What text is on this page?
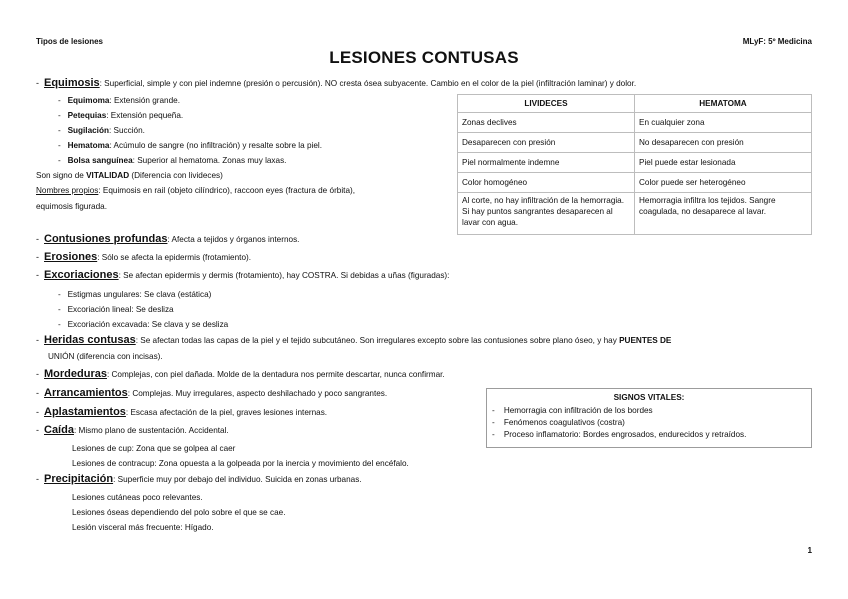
Tipos de lesiones	MLyF: 5º Medicina
LESIONES CONTUSAS
-  Equimosis: Superficial, simple y con piel indemne (presión o percusión). NO cresta ósea subyacente. Cambio en el color de la piel (infiltración laminar) y dolor.
-   Equimoma: Extensión grande.
-   Petequias: Extensión pequeña.
-   Sugilación: Succión.
-   Hematoma: Acúmulo de sangre (no infiltración) y resalte sobre la piel.
-   Bolsa sanguínea: Superior al hematoma. Zonas muy laxas.
Son signo de VITALIDAD (Diferencia con livideces)
Nombres propios: Equimosis en rail (objeto cilíndrico), raccoon eyes (fractura de órbita),
equimosis figurada.
LIVIDECES	HEMATOMA
Zonas declives	En cualquier zona
Desaparecen con presión	No desaparecen con presión
Piel normalmente indemne	Piel puede estar lesionada
Color homogéneo	Color puede ser heterogéneo
Al corte, no hay infiltración de la hemorragia. Si hay puntos sangrantes desaparecen al lavar con agua.	Hemorragia infiltra los tejidos. Sangre coagulada, no desaparece al lavar.
-  Contusiones profundas: Afecta a tejidos y órganos internos.
-  Erosiones: Sólo se afecta la epidermis (frotamiento).
-  Excoriaciones: Se afectan epidermis y dermis (frotamiento), hay COSTRA. Si debidas a uñas (figuradas):
-   Estigmas ungulares: Se clava (estática)
-   Excoriación lineal: Se desliza
-   Excoriación excavada: Se clava y se desliza
-  Heridas contusas: Se afectan todas las capas de la piel y el tejido subcutáneo. Son irregulares excepto sobre las contusiones sobre plano óseo, y hay PUENTES DE
UNIÓN (diferencia con incisas).
-  Mordeduras: Complejas, con piel dañada. Molde de la dentadura nos permite descartar, nunca confirmar.
-  Arrancamientos: Complejas. Muy irregulares, aspecto deshilachado y poco sangrantes.
-  Aplastamientos: Escasa afectación de la piel, graves lesiones internas.
-  Caída: Mismo plano de sustentación. Accidental.
Lesiones de cup: Zona que se golpea al caer
Lesiones de contracup: Zona opuesta a la golpeada por la inercia y movimiento del encéfalo.
-  Precipitación: Superficie muy por debajo del individuo. Suicida en zonas urbanas.
Lesiones cutáneas poco relevantes.
Lesiones óseas dependiendo del polo sobre el que se cae.
Lesión visceral más frecuente: Hígado.
SIGNOS VITALES:
-    Hemorragia con infiltración de los bordes
-    Fenómenos coagulativos (costra)
-    Proceso inflamatorio: Bordes engrosados, endurecidos y retraídos.
1
